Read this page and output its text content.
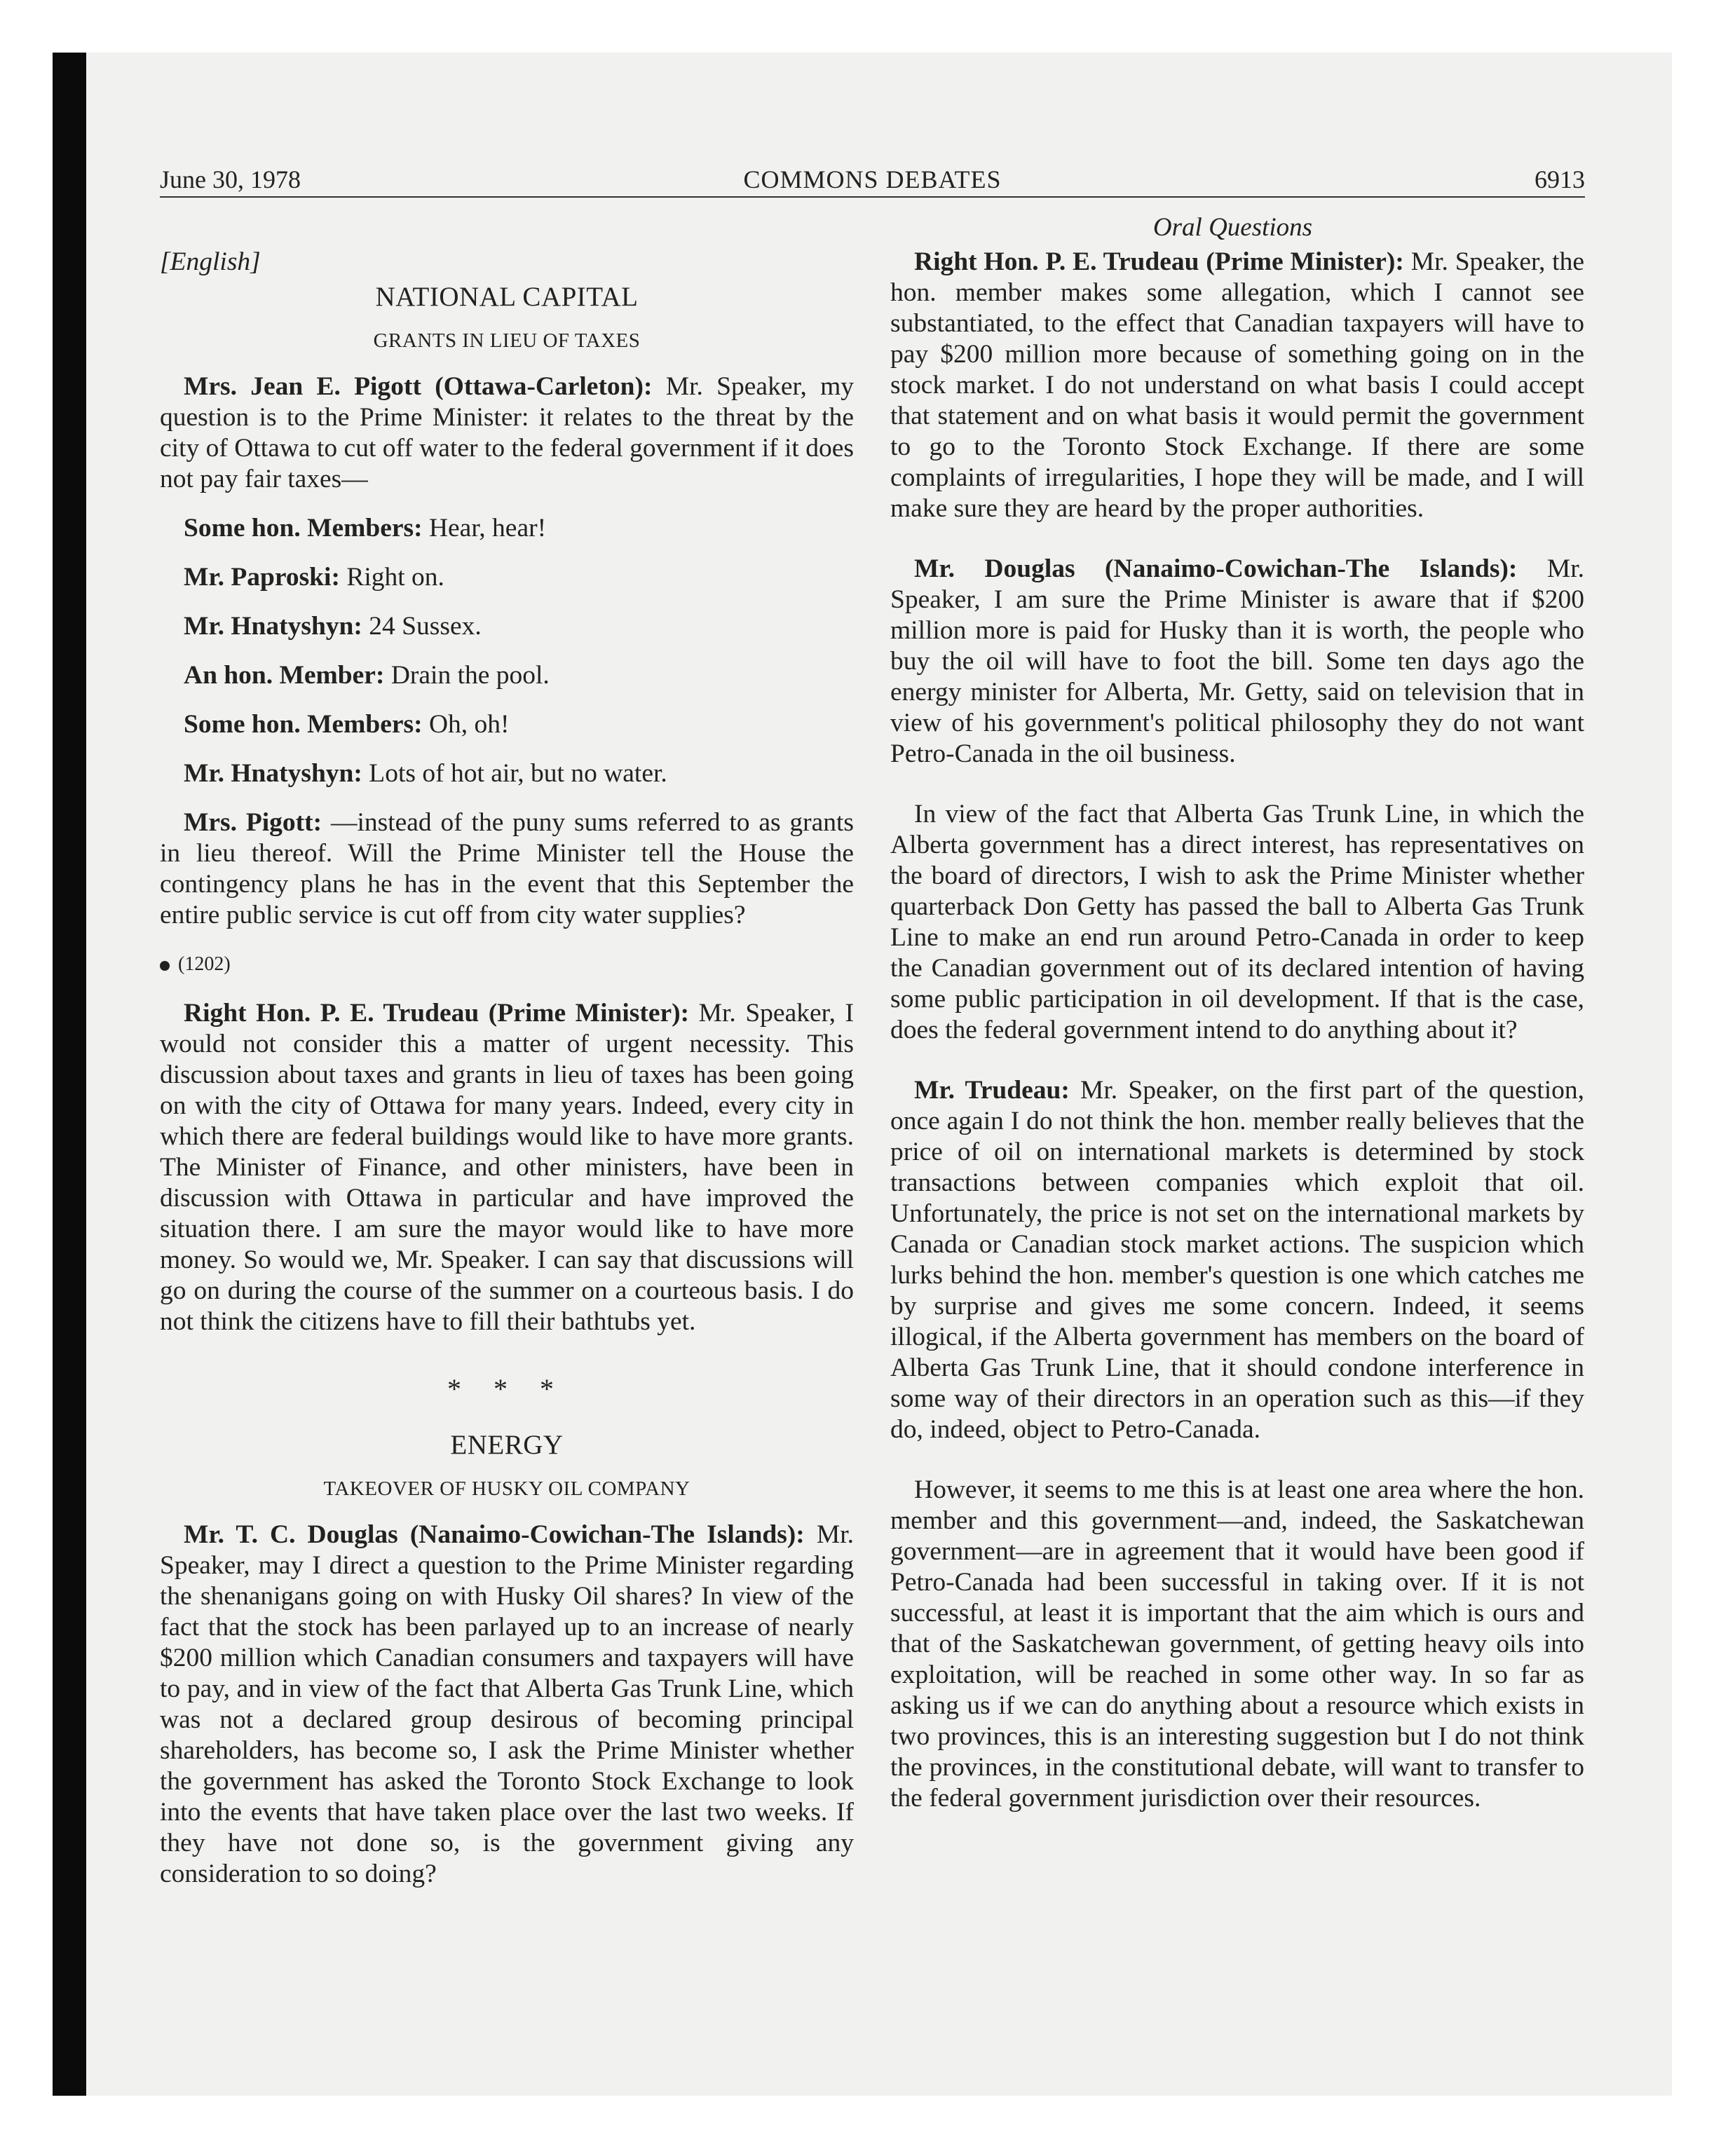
June 30, 1978	COMMONS DEBATES	6913
Oral Questions

[English]

NATIONAL CAPITAL

GRANTS IN LIEU OF TAXES

Mrs. Jean E. Pigott (Ottawa-Carleton): Mr. Speaker, my question is to the Prime Minister: it relates to the threat by the city of Ottawa to cut off water to the federal government if it does not pay fair taxes—

Some hon. Members: Hear, hear!

Mr. Paproski: Right on.

Mr. Hnatyshyn: 24 Sussex.

An hon. Member: Drain the pool.

Some hon. Members: Oh, oh!

Mr. Hnatyshyn: Lots of hot air, but no water.

Mrs. Pigott: —instead of the puny sums referred to as grants in lieu thereof. Will the Prime Minister tell the House the contingency plans he has in the event that this September the entire public service is cut off from city water supplies?

(1202)

Right Hon. P. E. Trudeau (Prime Minister): Mr. Speaker, I would not consider this a matter of urgent necessity. This discussion about taxes and grants in lieu of taxes has been going on with the city of Ottawa for many years. Indeed, every city in which there are federal buildings would like to have more grants. The Minister of Finance, and other ministers, have been in discussion with Ottawa in particular and have improved the situation there. I am sure the mayor would like to have more money. So would we, Mr. Speaker. I can say that discussions will go on during the course of the summer on a courteous basis. I do not think the citizens have to fill their bathtubs yet.

* * *

ENERGY

TAKEOVER OF HUSKY OIL COMPANY

Mr. T. C. Douglas (Nanaimo-Cowichan-The Islands): Mr. Speaker, may I direct a question to the Prime Minister regarding the shenanigans going on with Husky Oil shares? In view of the fact that the stock has been parlayed up to an increase of nearly $200 million which Canadian consumers and taxpayers will have to pay, and in view of the fact that Alberta Gas Trunk Line, which was not a declared group desirous of becoming principal shareholders, has become so, I ask the Prime Minister whether the government has asked the Toronto Stock Exchange to look into the events that have taken place over the last two weeks. If they have not done so, is the government giving any consideration to so doing?

Right Hon. P. E. Trudeau (Prime Minister): Mr. Speaker, the hon. member makes some allegation, which I cannot see substantiated, to the effect that Canadian taxpayers will have to pay $200 million more because of something going on in the stock market. I do not understand on what basis I could accept that statement and on what basis it would permit the government to go to the Toronto Stock Exchange. If there are some complaints of irregularities, I hope they will be made, and I will make sure they are heard by the proper authorities.

Mr. Douglas (Nanaimo-Cowichan-The Islands): Mr. Speaker, I am sure the Prime Minister is aware that if $200 million more is paid for Husky than it is worth, the people who buy the oil will have to foot the bill. Some ten days ago the energy minister for Alberta, Mr. Getty, said on television that in view of his government's political philosophy they do not want Petro-Canada in the oil business.

In view of the fact that Alberta Gas Trunk Line, in which the Alberta government has a direct interest, has representatives on the board of directors, I wish to ask the Prime Minister whether quarterback Don Getty has passed the ball to Alberta Gas Trunk Line to make an end run around Petro-Canada in order to keep the Canadian government out of its declared intention of having some public participation in oil development. If that is the case, does the federal government intend to do anything about it?

Mr. Trudeau: Mr. Speaker, on the first part of the question, once again I do not think the hon. member really believes that the price of oil on international markets is determined by stock transactions between companies which exploit that oil. Unfortunately, the price is not set on the international markets by Canada or Canadian stock market actions. The suspicion which lurks behind the hon. member's question is one which catches me by surprise and gives me some concern. Indeed, it seems illogical, if the Alberta government has members on the board of Alberta Gas Trunk Line, that it should condone interference in some way of their directors in an operation such as this—if they do, indeed, object to Petro-Canada.

However, it seems to me this is at least one area where the hon. member and this government—and, indeed, the Saskatchewan government—are in agreement that it would have been good if Petro-Canada had been successful in taking over. If it is not successful, at least it is important that the aim which is ours and that of the Saskatchewan government, of getting heavy oils into exploitation, will be reached in some other way. In so far as asking us if we can do anything about a resource which exists in two provinces, this is an interesting suggestion but I do not think the provinces, in the constitutional debate, will want to transfer to the federal government jurisdiction over their resources.
